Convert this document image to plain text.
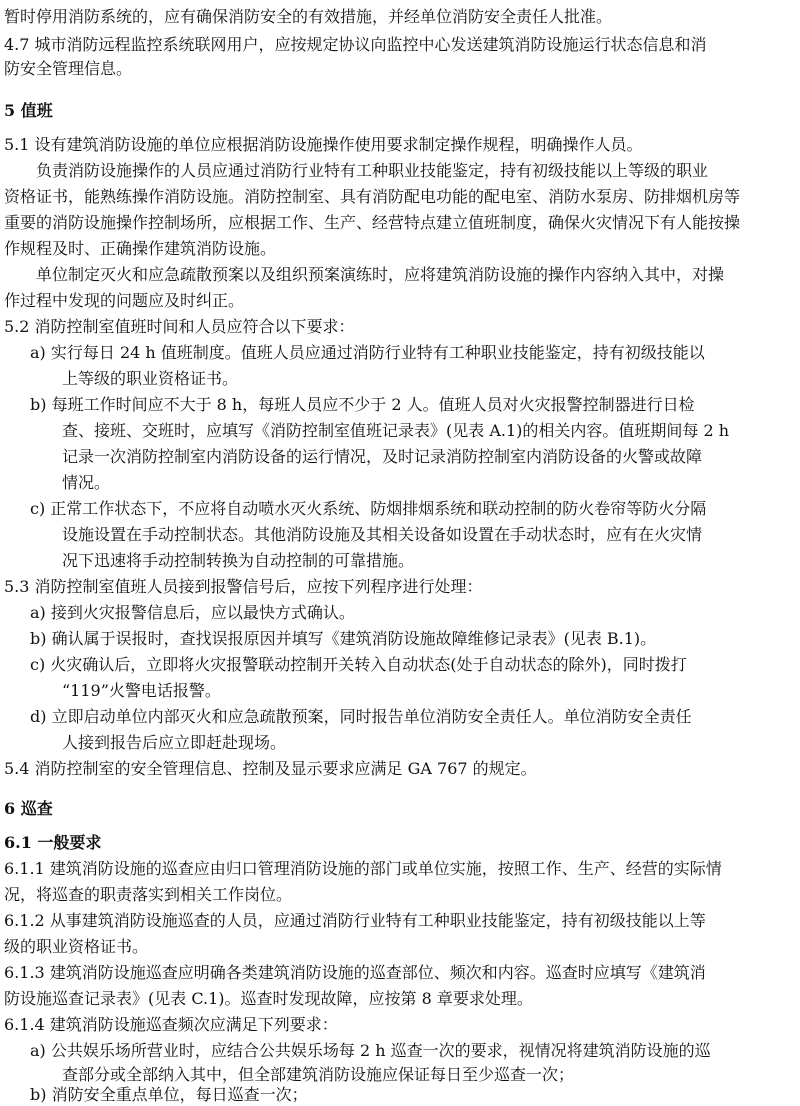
暂时停用消防系统的，应有确保消防安全的有效措施，并经单位消防安全责任人批准。
4.7 城市消防远程监控系统联网用户，应按规定协议向监控中心发送建筑消防设施运行状态信息和消
防安全管理信息。
5 值班
5.1 设有建筑消防设施的单位应根据消防设施操作使用要求制定操作规程，明确操作人员。
负责消防设施操作的人员应通过消防行业特有工种职业技能鉴定，持有初级技能以上等级的职业
资格证书，能熟练操作消防设施。消防控制室、具有消防配电功能的配电室、消防水泵房、防排烟机房等
重要的消防设施操作控制场所，应根据工作、生产、经营特点建立值班制度，确保火灾情况下有人能按操
作规程及时、正确操作建筑消防设施。
单位制定灭火和应急疏散预案以及组织预案演练时，应将建筑消防设施的操作内容纳入其中，对操
作过程中发现的问题应及时纠正。
5.2 消防控制室值班时间和人员应符合以下要求：
a) 实行每日 24 h 值班制度。值班人员应通过消防行业特有工种职业技能鉴定，持有初级技能以
上等级的职业资格证书。
b) 每班工作时间应不大于 8 h，每班人员应不少于 2 人。值班人员对火灾报警控制器进行日检
查、接班、交班时，应填写《消防控制室值班记录表》(见表 A.1)的相关内容。值班期间每 2 h
记录一次消防控制室内消防设备的运行情况，及时记录消防控制室内消防设备的火警或故障
情况。
c) 正常工作状态下，不应将自动喷水灭火系统、防烟排烟系统和联动控制的防火卷帘等防火分隔
设施设置在手动控制状态。其他消防设施及其相关设备如设置在手动状态时，应有在火灾情
况下迅速将手动控制转换为自动控制的可靠措施。
5.3 消防控制室值班人员接到报警信号后，应按下列程序进行处理：
a) 接到火灾报警信息后，应以最快方式确认。
b) 确认属于误报时，查找误报原因并填写《建筑消防设施故障维修记录表》(见表 B.1)。
c) 火灾确认后，立即将火灾报警联动控制开关转入自动状态(处于自动状态的除外)，同时拨打
“119”火警电话报警。
d) 立即启动单位内部灭火和应急疏散预案，同时报告单位消防安全责任人。单位消防安全责任
人接到报告后应立即赶赴现场。
5.4 消防控制室的安全管理信息、控制及显示要求应满足 GA 767 的规定。
6 巡查
6.1 一般要求
6.1.1 建筑消防设施的巡查应由归口管理消防设施的部门或单位实施，按照工作、生产、经营的实际情
况，将巡查的职责落实到相关工作岗位。
6.1.2 从事建筑消防设施巡查的人员，应通过消防行业特有工种职业技能鉴定，持有初级技能以上等
级的职业资格证书。
6.1.3 建筑消防设施巡查应明确各类建筑消防设施的巡查部位、频次和内容。巡查时应填写《建筑消
防设施巡查记录表》(见表 C.1)。巡查时发现故障，应按第 8 章要求处理。
6.1.4 建筑消防设施巡查频次应满足下列要求：
a) 公共娱乐场所营业时，应结合公共娱乐场每 2 h 巡查一次的要求，视情况将建筑消防设施的巡
查部分或全部纳入其中，但全部建筑消防设施应保证每日至少巡查一次；
b) 消防安全重点单位，每日巡查一次；
